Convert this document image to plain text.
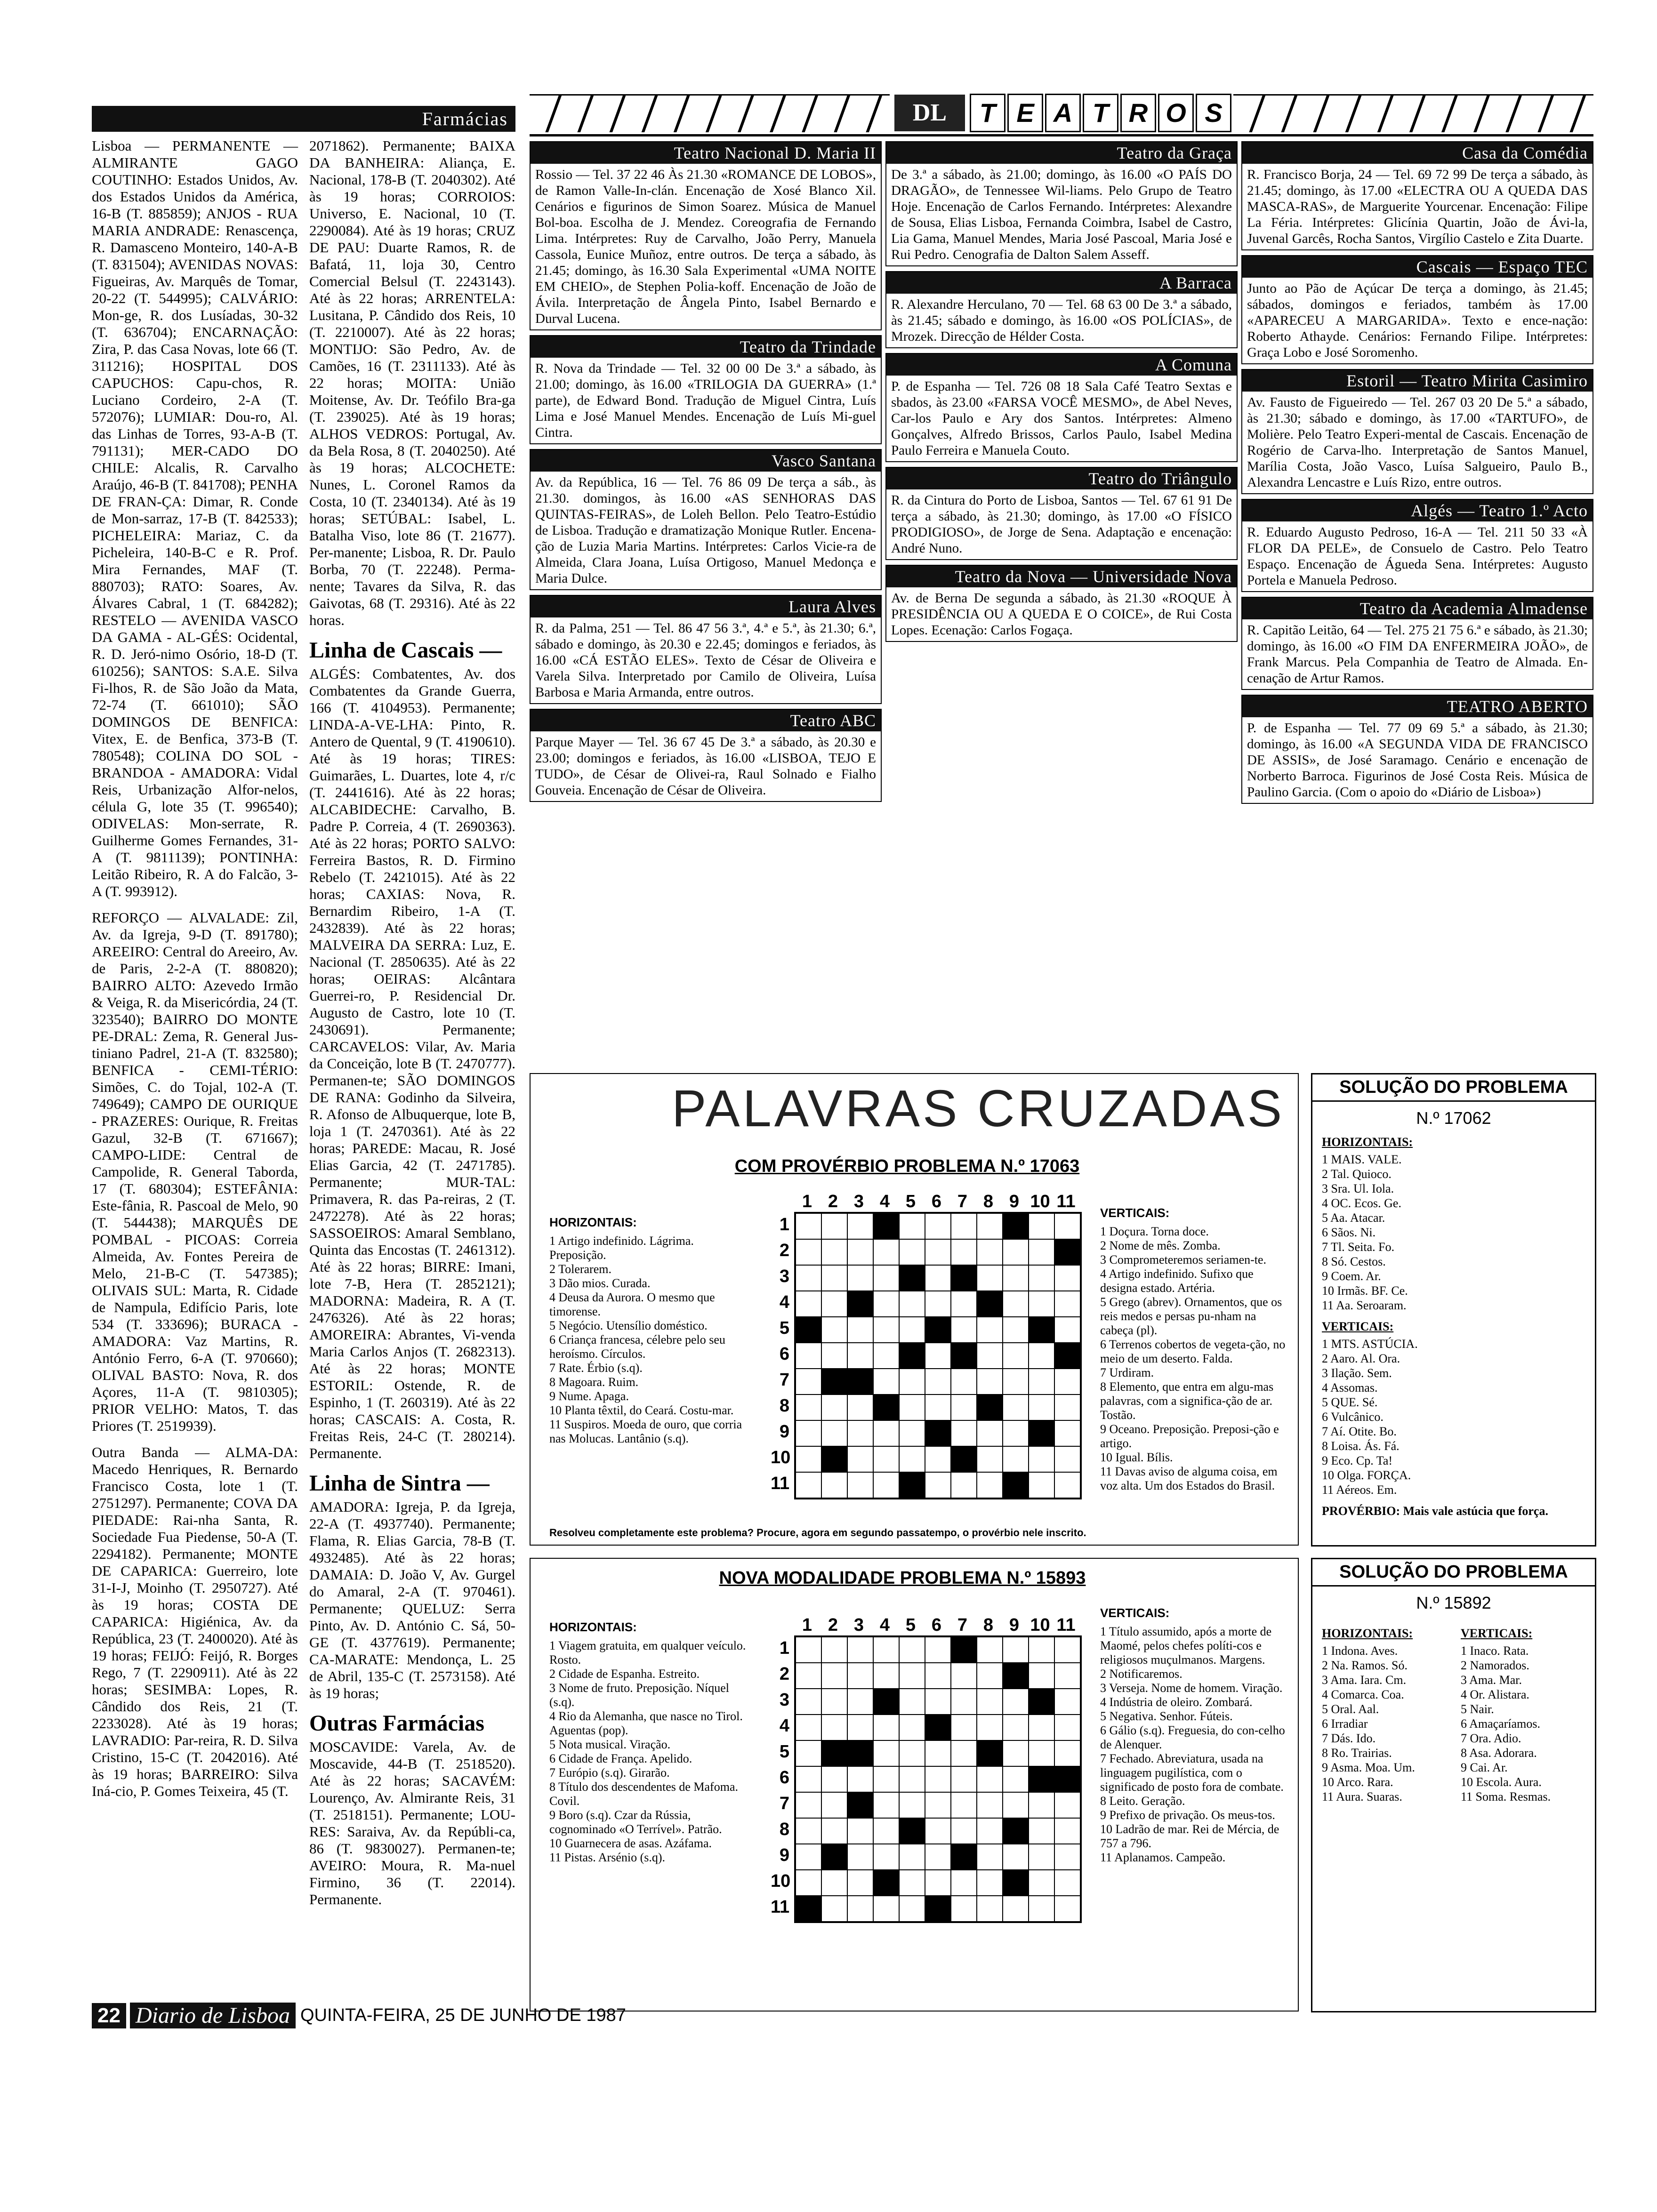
Farmácias

Lisboa — PERMANENTE — ALMIRANTE GAGO COUTINHO: Estados Unidos, Av. dos Estados Unidos da América, 16-B (T. 885859); ANJOS - RUA MARIA ANDRADE: Renascença, R. Damasceno Monteiro, 140-A-B (T. 831504); AVENIDAS NOVAS: Figueiras, Av. Marquês de Tomar, 20-22 (T. 544995); CALVÁRIO: Mon-ge, R. dos Lusíadas, 30-32 (T. 636704); ENCARNAÇÃO: Zira, P. das Casa Novas, lote 66 (T. 311216); HOSPITAL DOS CAPUCHOS: Capu-chos, R. Luciano Cordeiro, 2-A (T. 572076); LUMIAR: Dou-ro, Al. das Linhas de Torres, 93-A-B (T. 791131); MER-CADO DO CHILE: Alcalis, R. Carvalho Araújo, 46-B (T. 841708); PENHA DE FRAN-ÇA: Dimar, R. Conde de Mon-sarraz, 17-B (T. 842533); PICHELEIRA: Mariaz, C. da Picheleira, 140-B-C e R. Prof. Mira Fernandes, MAF (T. 880703); RATO: Soares, Av. Álvares Cabral, 1 (T. 684282); RESTELO — AVENIDA VASCO DA GAMA - AL-GÉS: Ocidental, R. D. Jeró-nimo Osório, 18-D (T. 610256); SANTOS: S.A.E. Silva Fi-lhos, R. de São João da Mata, 72-74 (T. 661010); SÃO DOMINGOS DE BENFICA: Vitex, E. de Benfica, 373-B (T. 780548); COLINA DO SOL - BRANDOA - AMADORA: Vidal Reis, Urbanização Alfor-nelos, célula G, lote 35 (T. 996540); ODIVELAS: Mon-serrate, R. Guilherme Gomes Fernandes, 31-A (T. 9811139); PONTINHA: Leitão Ribeiro, R. A do Falcão, 3-A (T. 993912).

REFORÇO — ALVALADE: Zil, Av. da Igreja, 9-D (T. 891780); AREEIRO: Central do Areeiro, Av. de Paris, 2-2-A (T. 880820); BAIRRO ALTO: Azevedo Irmão & Veiga, R. da Misericórdia, 24 (T. 323540); BAIRRO DO MONTE PE-DRAL: Zema, R. General Jus-tiniano Padrel, 21-A (T. 832580); BENFICA - CEMI-TÉRIO: Simões, C. do Tojal, 102-A (T. 749649); CAMPO DE OURIQUE - PRAZERES: Ourique, R. Freitas Gazul, 32-B (T. 671667); CAMPO-LIDE: Central de Campolide, R. General Taborda, 17 (T. 680304); ESTEFÂNIA: Este-fânia, R. Pascoal de Melo, 90 (T. 544438); MARQUÊS DE POMBAL - PICOAS: Correia Almeida, Av. Fontes Pereira de Melo, 21-B-C (T. 547385); OLIVAIS SUL: Marta, R. Cidade de Nampula, Edifício Paris, lote 534 (T. 333696); BURACA - AMADORA: Vaz Martins, R. António Ferro, 6-A (T. 970660); OLIVAL BASTO: Nova, R. dos Açores, 11-A (T. 9810305); PRIOR VELHO: Matos, T. das Priores (T. 2519939).

Outra Banda — ALMA-DA: Macedo Henriques, R. Bernardo Francisco Costa, lote 1 (T. 2751297). Permanente; COVA DA PIEDADE: Rai-nha Santa, R. Sociedade Fua Piedense, 50-A (T. 2294182). Permanente; MONTE DE CAPARICA: Guerreiro, lote 31-I-J, Moinho (T. 2950727). Até às 19 horas; COSTA DE CAPARICA: Higiénica, Av. da República, 23 (T. 2400020). Até às 19 horas; FEIJÓ: Feijó, R. Borges Rego, 7 (T. 2290911). Até às 22 horas; SESIMBA: Lopes, R. Cândido dos Reis, 21 (T. 2233028). Até às 19 horas; LAVRADIO: Par-reira, R. D. Silva Cristino, 15-C (T. 2042016). Até às 19 horas; BARREIRO: Silva Iná-cio, P. Gomes Teixeira, 45 (T.

2071862). Permanente; BAIXA DA BANHEIRA: Aliança, E. Nacional, 178-B (T. 2040302). Até às 19 horas; CORROIOS: Universo, E. Nacional, 10 (T. 2290084). Até às 19 horas; CRUZ DE PAU: Duarte Ramos, R. de Bafatá, 11, loja 30, Centro Comercial Belsul (T. 2243143). Até às 22 horas; ARRENTELA: Lusitana, P. Cândido dos Reis, 10 (T. 2210007). Até às 22 horas; MONTIJO: São Pedro, Av. de Camões, 16 (T. 2311133). Até às 22 horas; MOITA: União Moitense, Av. Dr. Teófilo Bra-ga (T. 239025). Até às 19 horas; ALHOS VEDROS: Portugal, Av. da Bela Rosa, 8 (T. 2040250). Até às 19 horas; ALCOCHETE: Nunes, L. Coronel Ramos da Costa, 10 (T. 2340134). Até às 19 horas; SETÚBAL: Isabel, L. Batalha Viso, lote 86 (T. 21677). Per-manente; Lisboa, R. Dr. Paulo Borba, 70 (T. 22248). Perma-nente; Tavares da Silva, R. das Gaivotas, 68 (T. 29316). Até às 22 horas.

Linha de Cascais —

ALGÉS: Combatentes, Av. dos Combatentes da Grande Guerra, 166 (T. 4104953). Permanente; LINDA-A-VE-LHA: Pinto, R. Antero de Quental, 9 (T. 4190610). Até às 19 horas; TIRES: Guimarães, L. Duartes, lote 4, r/c (T. 2441616). Até às 22 horas; ALCABIDECHE: Carvalho, B. Padre P. Correia, 4 (T. 2690363). Até às 22 horas; PORTO SALVO: Ferreira Bastos, R. D. Firmino Rebelo (T. 2421015). Até às 22 horas; CAXIAS: Nova, R. Bernardim Ribeiro, 1-A (T. 2432839). Até às 22 horas; MALVEIRA DA SERRA: Luz, E. Nacional (T. 2850635). Até às 22 horas; OEIRAS: Alcântara Guerrei-ro, P. Residencial Dr. Augusto de Castro, lote 10 (T. 2430691). Permanente; CARCAVELOS: Vilar, Av. Maria da Conceição, lote B (T. 2470777). Permanen-te; SÃO DOMINGOS DE RANA: Godinho da Silveira, R. Afonso de Albuquerque, lote B, loja 1 (T. 2470361). Até às 22 horas; PAREDE: Macau, R. José Elias Garcia, 42 (T. 2471785). Permanente; MUR-TAL: Primavera, R. das Pa-reiras, 2 (T. 2472278). Até às 22 horas; SASSOEIROS: Amaral Semblano, Quinta das Encostas (T. 2461312). Até às 22 horas; BIRRE: Imani, lote 7-B, Hera (T. 2852121); MADORNA: Madeira, R. A (T. 2476326). Até às 22 horas; AMOREIRA: Abrantes, Vi-venda Maria Carlos Anjos (T. 2682313). Até às 22 horas; MONTE ESTORIL: Ostende, R. de Espinho, 1 (T. 260319). Até às 22 horas; CASCAIS: A. Costa, R. Freitas Reis, 24-C (T. 280214). Permanente.

Linha de Sintra —

AMADORA: Igreja, P. da Igreja, 22-A (T. 4937740). Permanente; Flama, R. Elias Garcia, 78-B (T. 4932485). Até às 22 horas; DAMAIA: D. João V, Av. Gurgel do Amaral, 2-A (T. 970461). Permanente; QUELUZ: Serra Pinto, Av. D. António C. Sá, 50-GE (T. 4377619). Permanente; CA-MARATE: Mendonça, L. 25 de Abril, 135-C (T. 2573158). Até às 19 horas;

Outras Farmácias

MOSCAVIDE: Varela, Av. de Moscavide, 44-B (T. 2518520). Até às 22 horas; SACAVÉM: Lourenço, Av. Almirante Reis, 31 (T. 2518151). Permanente; LOU-RES: Saraiva, Av. da Repúbli-ca, 86 (T. 9830027). Permanen-te; AVEIRO: Moura, R. Ma-nuel Firmino, 36 (T. 22014). Permanente.

DL	T E A T R O S
Teatro Nacional D. Maria II
Rossio — Tel. 37 22 46 Às 21.30 «ROMANCE DE LOBOS», de Ramon Valle-In-clán. Encenação de Xosé Blanco Xil. Cenários e figurinos de Simon Soarez. Música de Manuel Bol-boa. Escolha de J. Mendez. Coreografia de Fernando Lima. Intérpretes: Ruy de Carvalho, João Perry, Manuela Cassola, Eunice Muñoz, entre outros. De terça a sábado, às 21.45; domingo, às 16.30 Sala Experimental «UMA NOITE EM CHEIO», de Stephen Polia-koff. Encenação de João de Ávila. Interpretação de Ângela Pinto, Isabel Bernardo e Durval Lucena.
Teatro da Trindade
R. Nova da Trindade — Tel. 32 00 00 De 3.ª a sábado, às 21.00; domingo, às 16.00 «TRILOGIA DA GUERRA» (1.ª parte), de Edward Bond. Tradução de Miguel Cintra, Luís Lima e José Manuel Mendes. Encenação de Luís Mi-guel Cintra.
Vasco Santana
Av. da República, 16 — Tel. 76 86 09 De terça a sáb., às 21.30. domingos, às 16.00 «AS SENHORAS DAS QUINTAS-FEIRAS», de Loleh Bellon. Pelo Teatro-Estúdio de Lisboa. Tradução e dramatização Monique Rutler. Encena-ção de Luzia Maria Martins. Intérpretes: Carlos Vicie-ra de Almeida, Clara Joana, Luísa Ortigoso, Manuel Medonça e Maria Dulce.
Laura Alves
R. da Palma, 251 — Tel. 86 47 56 3.ª, 4.ª e 5.ª, às 21.30; 6.ª, sábado e domingo, às 20.30 e 22.45; domingos e feriados, às 16.00 «CÁ ESTÃO ELES». Texto de César de Oliveira e Varela Silva. Interpretado por Camilo de Oliveira, Luísa Barbosa e Maria Armanda, entre outros.
Teatro ABC
Parque Mayer — Tel. 36 67 45 De 3.ª a sábado, às 20.30 e 23.00; domingos e feriados, às 16.00 «LISBOA, TEJO E TUDO», de César de Olivei-ra, Raul Solnado e Fialho Gouveia. Encenação de César de Oliveira.
Teatro da Graça
De 3.ª a sábado, às 21.00; domingo, às 16.00 «O PAÍS DO DRAGÃO», de Tennessee Wil-liams. Pelo Grupo de Teatro Hoje. Encenação de Carlos Fernando. Intérpretes: Alexandre de Sousa, Elias Lisboa, Fernanda Coimbra, Isabel de Castro, Lia Gama, Manuel Mendes, Maria José Pascoal, Maria José e Rui Pedro. Cenografia de Dalton Salem Asseff.
A Barraca
R. Alexandre Herculano, 70 — Tel. 68 63 00 De 3.ª a sábado, às 21.45; sábado e domingo, às 16.00 «OS POLÍCIAS», de Mrozek. Direcção de Hélder Costa.
A Comuna
P. de Espanha — Tel. 726 08 18 Sala Café Teatro Sextas e sbados, às 23.00 «FARSA VOCÊ MESMO», de Abel Neves, Car-los Paulo e Ary dos Santos. Intérpretes: Almeno Gonçalves, Alfredo Brissos, Carlos Paulo, Isabel Medina Paulo Ferreira e Manuela Couto.
Teatro do Triângulo
R. da Cintura do Porto de Lisboa, Santos — Tel. 67 61 91 De terça a sábado, às 21.30; domingo, às 17.00 «O FÍSICO PRODIGIOSO», de Jorge de Sena. Adaptação e encenação: André Nuno.
Teatro da Nova — Universidade Nova
Av. de Berna De segunda a sábado, às 21.30 «ROQUE À PRESIDÊNCIA OU A QUEDA E O COICE», de Rui Costa Lopes. Ecenação: Carlos Fogaça.
Casa da Comédia
R. Francisco Borja, 24 — Tel. 69 72 99 De terça a sábado, às 21.45; domingo, às 17.00 «ELECTRA OU A QUEDA DAS MASCA-RAS», de Marguerite Yourcenar. Encenação: Filipe La Féria. Intérpretes: Glicínia Quartin, João de Ávi-la, Juvenal Garcês, Rocha Santos, Virgílio Castelo e Zita Duarte.
Cascais — Espaço TEC
Junto ao Pão de Açúcar De terça a domingo, às 21.45; sábados, domingos e feriados, também às 17.00 «APARECEU A MARGARIDA». Texto e ence-nação: Roberto Athayde. Cenários: Fernando Filipe. Intérpretes: Graça Lobo e José Soromenho.
Estoril — Teatro Mirita Casimiro
Av. Fausto de Figueiredo — Tel. 267 03 20 De 5.ª a sábado, às 21.30; sábado e domingo, às 17.00 «TARTUFO», de Molière. Pelo Teatro Experi-mental de Cascais. Encenação de Rogério de Carva-lho. Interpretação de Santos Manuel, Marília Costa, João Vasco, Luísa Salgueiro, Paulo B., Alexandra Lencastre e Luís Rizo, entre outros.
Algés — Teatro 1.º Acto
R. Eduardo Augusto Pedroso, 16-A — Tel. 211 50 33 «À FLOR DA PELE», de Consuelo de Castro. Pelo Teatro Espaço. Encenação de Águeda Sena. Intérpretes: Augusto Portela e Manuela Pedroso.
Teatro da Academia Almadense
R. Capitão Leitão, 64 — Tel. 275 21 75 6.ª e sábado, às 21.30; domingo, às 16.00 «O FIM DA ENFERMEIRA JOÃO», de Frank Marcus. Pela Companhia de Teatro de Almada. En-cenação de Artur Ramos.
TEATRO ABERTO
P. de Espanha — Tel. 77 09 69 5.ª a sábado, às 21.30; domingo, às 16.00 «A SEGUNDA VIDA DE FRANCISCO DE ASSIS», de José Saramago. Cenário e encenação de Norberto Barroca. Figurinos de José Costa Reis. Música de Paulino Garcia. (Com o apoio do «Diário de Lisboa»)
PALAVRAS CRUZADAS
COM PROVÉRBIO PROBLEMA N.º 17063
HORIZONTAIS:
1 Artigo indefinido. Lágrima. Preposição.
2 Tolerarem.
3 Dão mios. Curada.
4 Deusa da Aurora. O mesmo que timorense.
5 Negócio. Utensílio doméstico.
6 Criança francesa, célebre pelo seu heroísmo. Círculos.
7 Rate. Érbio (s.q).
8 Magoara. Ruim.
9 Nume. Apaga.
10 Planta têxtil, do Ceará. Costu-mar.
11 Suspiros. Moeda de ouro, que corria nas Molucas. Lantânio (s.q).
1 2 3 4 5 6 7 8 9 10 11
1
2
3
4
5
6
7
8
9
10
11
VERTICAIS:
1 Doçura. Torna doce.
2 Nome de mês. Zomba.
3 Comprometeremos seriamen-te.
4 Artigo indefinido. Sufixo que designa estado. Artéria.
5 Grego (abrev). Ornamentos, que os reis medos e persas pu-nham na cabeça (pl).
6 Terrenos cobertos de vegeta-ção, no meio de um deserto. Falda.
7 Urdiram.
8 Elemento, que entra em algu-mas palavras, com a significa-ção de ar. Tostão.
9 Oceano. Preposição. Preposi-ção e artigo.
10 Igual. Bílis.
11 Davas aviso de alguma coisa, em voz alta. Um dos Estados do Brasil.
Resolveu completamente este problema? Procure, agora em segundo passatempo, o provérbio nele inscrito.
SOLUÇÃO DO PROBLEMA
N.º 17062
HORIZONTAIS:
1 MAIS. VALE.
2 Tal. Quioco.
3 Sra. Ul. Iola.
4 OC. Ecos. Ge.
5 Aa. Atacar.
6 Sãos. Ni.
7 Tl. Seita. Fo.
8 Só. Cestos.
9 Coem. Ar.
10 Irmãs. BF. Ce.
11 Aa. Seroaram.
VERTICAIS:
1 MTS. ASTÚCIA.
2 Aaro. Al. Ora.
3 Ilação. Sem.
4 Assomas.
5 QUE. Sé.
6 Vulcânico.
7 Aí. Otite. Bo.
8 Loisa. Ás. Fá.
9 Eco. Cp. Ta!
10 Olga. FORÇA.
11 Aéreos. Em.
PROVÉRBIO: Mais vale astúcia que força.
NOVA MODALIDADE PROBLEMA N.º 15893
HORIZONTAIS:
1 Viagem gratuita, em qualquer veículo. Rosto.
2 Cidade de Espanha. Estreito.
3 Nome de fruto. Preposição. Níquel (s.q).
4 Rio da Alemanha, que nasce no Tirol. Aguentas (pop).
5 Nota musical. Viração.
6 Cidade de França. Apelido.
7 Európio (s.q). Girarão.
8 Título dos descendentes de Mafoma. Covil.
9 Boro (s.q). Czar da Rússia, cognominado «O Terrível». Patrão.
10 Guarnecera de asas. Azáfama.
11 Pistas. Arsénio (s.q).
1 2 3 4 5 6 7 8 9 10 11
1
2
3
4
5
6
7
8
9
10
11
VERTICAIS:
1 Título assumido, após a morte de Maomé, pelos chefes políti-cos e religiosos muçulmanos. Margens.
2 Notificaremos.
3 Verseja. Nome de homem. Viração.
4 Indústria de oleiro. Zombará.
5 Negativa. Senhor. Fúteis.
6 Gálio (s.q). Freguesia, do con-celho de Alenquer.
7 Fechado. Abreviatura, usada na linguagem pugilística, com o significado de posto fora de combate.
8 Leito. Geração.
9 Prefixo de privação. Os meus-tos.
10 Ladrão de mar. Rei de Mércia, de 757 a 796.
11 Aplanamos. Campeão.
SOLUÇÃO DO PROBLEMA
N.º 15892
HORIZONTAIS:
1 Indona. Aves.
2 Na. Ramos. Só.
3 Ama. Iara. Cm.
4 Comarca. Coa.
5 Oral. Aal.
6 Irradiar
7 Dás. Ido.
8 Ro. Trairias.
9 Asma. Moa. Um.
10 Arco. Rara.
11 Aura. Suaras.
VERTICAIS:
1 Inaco. Rata.
2 Namorados.
3 Ama. Mar.
4 Or. Alistara.
5 Nair.
6 Amaçaríamos.
7 Ora. Adio.
8 Asa. Adorara.
9 Cai. Ar.
10 Escola. Aura.
11 Soma. Resmas.
22 Diario de Lisboa QUINTA-FEIRA, 25 DE JUNHO DE 1987
